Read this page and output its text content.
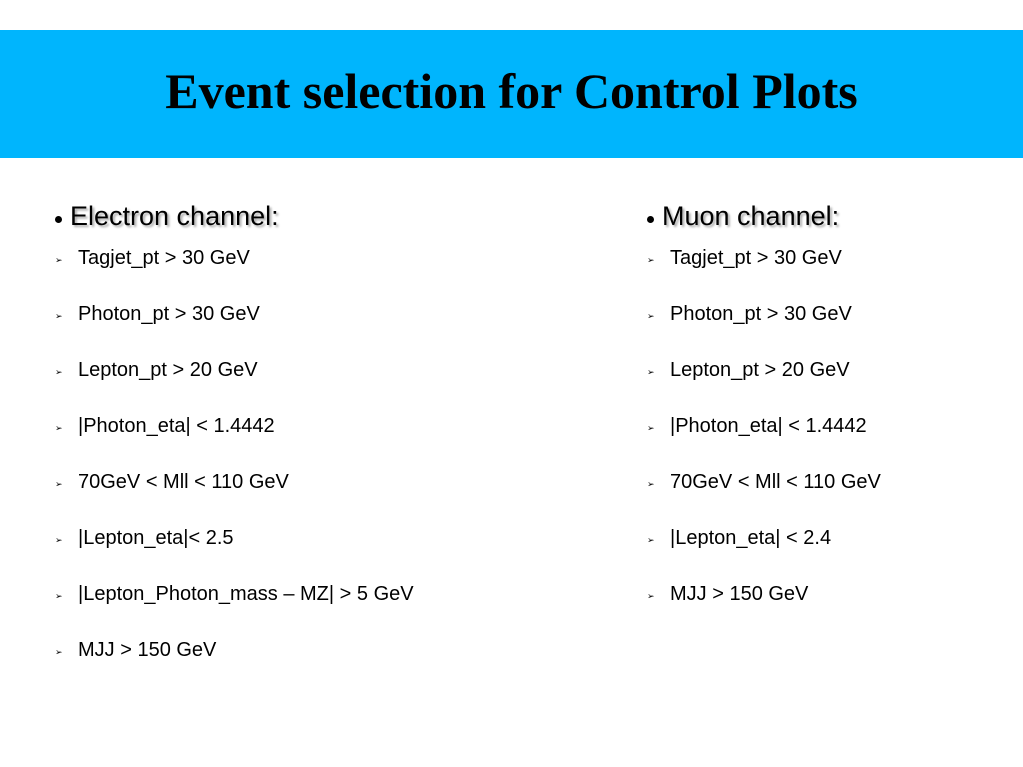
Event selection for Control Plots
Electron channel:
➢ Tagjet_pt > 30 GeV
➢ Photon_pt > 30 GeV
➢ Lepton_pt > 20 GeV
➢ |Photon_eta| < 1.4442
➢ 70GeV < Mll < 110 GeV
➢ |Lepton_eta|< 2.5
➢ |Lepton_Photon_mass – MZ| > 5 GeV
➢ MJJ > 150 GeV
Muon channel:
➢ Tagjet_pt > 30 GeV
➢ Photon_pt > 30 GeV
➢ Lepton_pt > 20 GeV
➢ |Photon_eta| < 1.4442
➢ 70GeV < Mll < 110 GeV
➢ |Lepton_eta| < 2.4
➢ MJJ > 150 GeV
